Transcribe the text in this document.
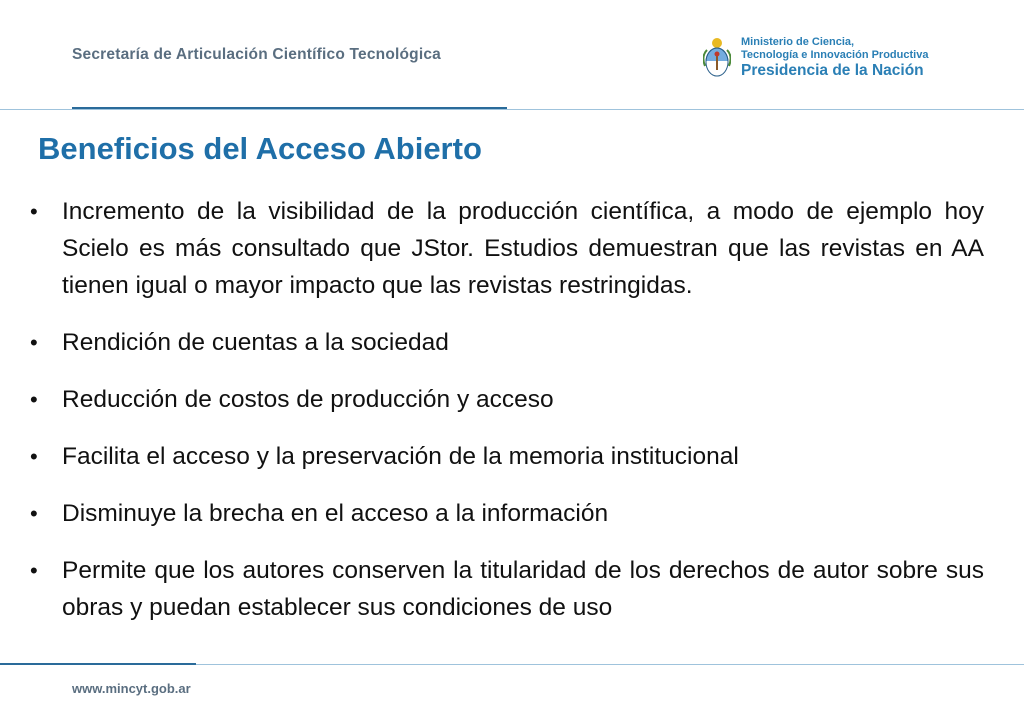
Secretaría de Articulación Científico Tecnológica
Ministerio de Ciencia,
Tecnología e Innovación Productiva
Presidencia de la Nación
Beneficios del Acceso Abierto
• Incremento de la visibilidad de la producción científica, a modo de ejemplo hoy Scielo es más consultado que JStor. Estudios demuestran que las revistas en AA tienen igual o mayor impacto que las revistas restringidas.
• Rendición de cuentas a la sociedad
• Reducción de costos de producción y acceso
• Facilita el acceso y la preservación de la memoria institucional
• Disminuye la brecha en el acceso a la información
• Permite que los autores conserven la titularidad de los derechos de autor sobre sus obras y puedan establecer sus condiciones de uso
www.mincyt.gob.ar
